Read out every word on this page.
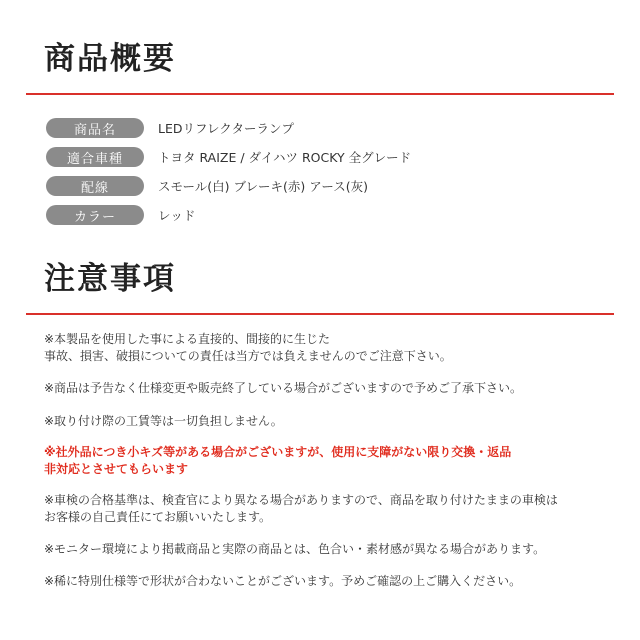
商品概要
商品名	LEDリフレクターランプ
適合車種	トヨタ RAIZE / ダイハツ ROCKY 全グレード
配線	スモール(白) ブレーキ(赤) アース(灰)
カラー	レッド
注意事項

※本製品を使用した事による直接的、間接的に生じた
事故、損害、破損についての責任は当方では負えませんのでご注意下さい。

※商品は予告なく仕様変更や販売終了している場合がございますので予めご了承下さい。

※取り付け際の工賃等は一切負担しません。

※社外品につき小キズ等がある場合がございますが、使用に支障がない限り交換・返品
非対応とさせてもらいます

※車検の合格基準は、検査官により異なる場合がありますので、商品を取り付けたままの車検は
お客様の自己責任にてお願いいたします。

※モニター環境により掲載商品と実際の商品とは、色合い・素材感が異なる場合があります。

※稀に特別仕様等で形状が合わないことがございます。予めご確認の上ご購入ください。
